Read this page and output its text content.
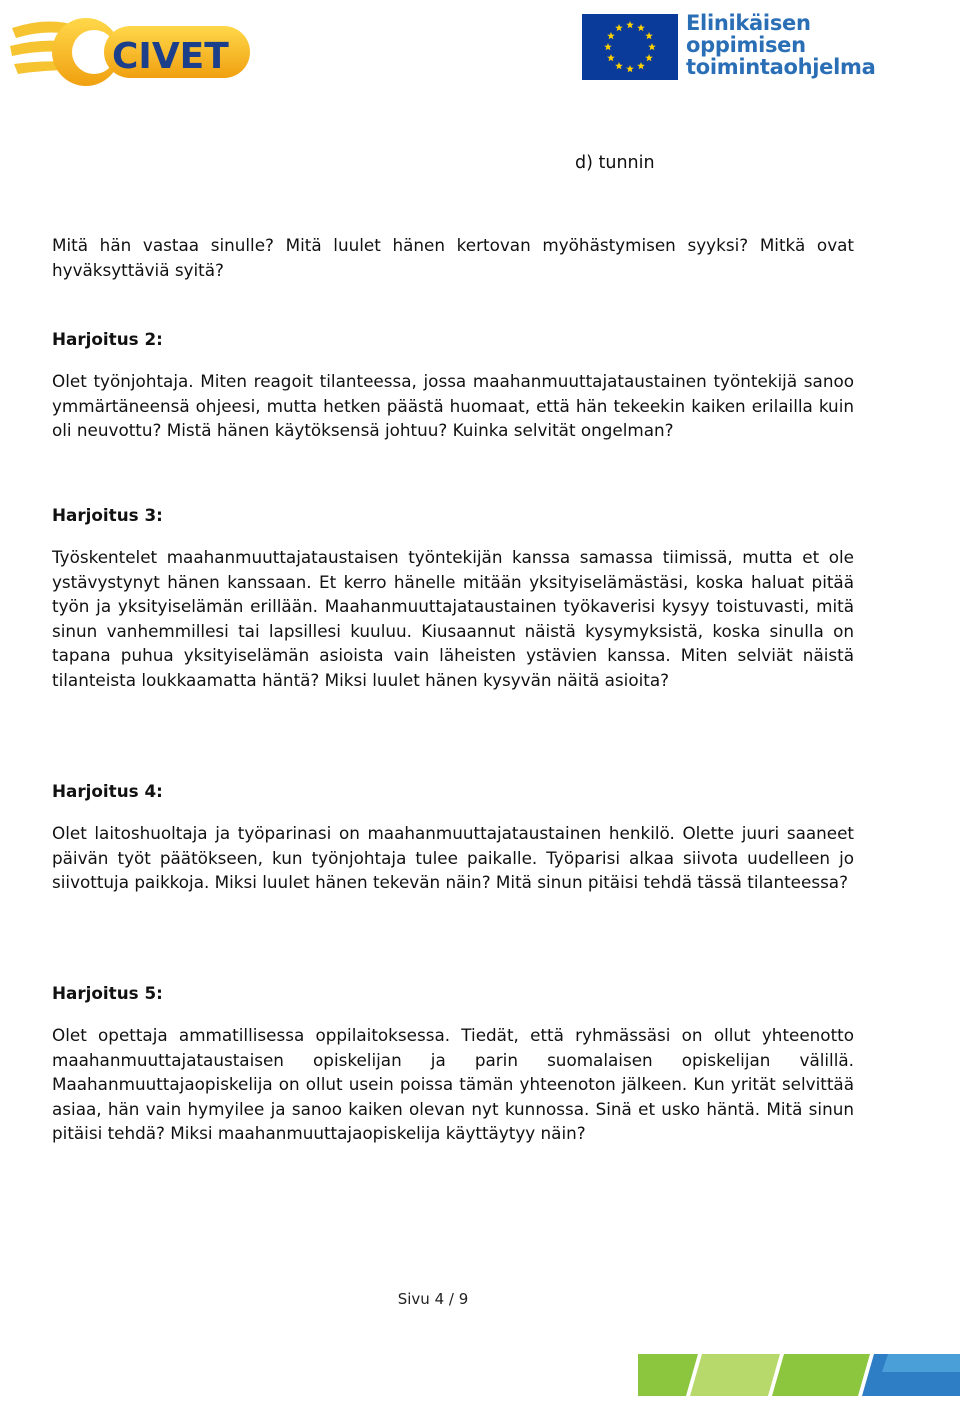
CIVET
Elinikäisen
oppimisen
toimintaohjelma
d) tunnin

Mitä hän vastaa sinulle? Mitä luulet hänen kertovan myöhästymisen syyksi? Mitkä ovat hyväksyttäviä syitä?

Harjoitus 2:

Olet työnjohtaja. Miten reagoit tilanteessa, jossa maahanmuuttajataustainen työntekijä sanoo ymmärtäneensä ohjeesi, mutta hetken päästä huomaat, että hän tekeekin kaiken erilailla kuin oli neuvottu? Mistä hänen käytöksensä johtuu? Kuinka selvität ongelman?

Harjoitus 3:

Työskentelet maahanmuuttajataustaisen työntekijän kanssa samassa tiimissä, mutta et ole ystävystynyt hänen kanssaan. Et kerro hänelle mitään yksityiselämästäsi, koska haluat pitää työn ja yksityiselämän erillään. Maahanmuuttajataustainen työkaverisi kysyy toistuvasti, mitä sinun vanhemmillesi tai lapsillesi kuuluu. Kiusaannut näistä kysymyksistä, koska sinulla on tapana puhua yksityiselämän asioista vain läheisten ystävien kanssa. Miten selviät näistä tilanteista loukkaamatta häntä? Miksi luulet hänen kysyvän näitä asioita?

Harjoitus 4:

Olet laitoshuoltaja ja työparinasi on maahanmuuttajataustainen henkilö. Olette juuri saaneet päivän työt päätökseen, kun työnjohtaja tulee paikalle. Työparisi alkaa siivota uudelleen jo siivottuja paikkoja. Miksi luulet hänen tekevän näin? Mitä sinun pitäisi tehdä tässä tilanteessa?

Harjoitus 5:

Olet opettaja ammatillisessa oppilaitoksessa. Tiedät, että ryhmässäsi on ollut yhteenotto maahanmuuttajataustaisen opiskelijan ja parin suomalaisen opiskelijan välillä. Maahanmuuttajaopiskelija on ollut usein poissa tämän yhteenoton jälkeen. Kun yrität selvittää asiaa, hän vain hymyilee ja sanoo kaiken olevan nyt kunnossa. Sinä et usko häntä. Mitä sinun pitäisi tehdä? Miksi maahanmuuttajaopiskelija käyttäytyy näin?

Sivu 4 / 9
